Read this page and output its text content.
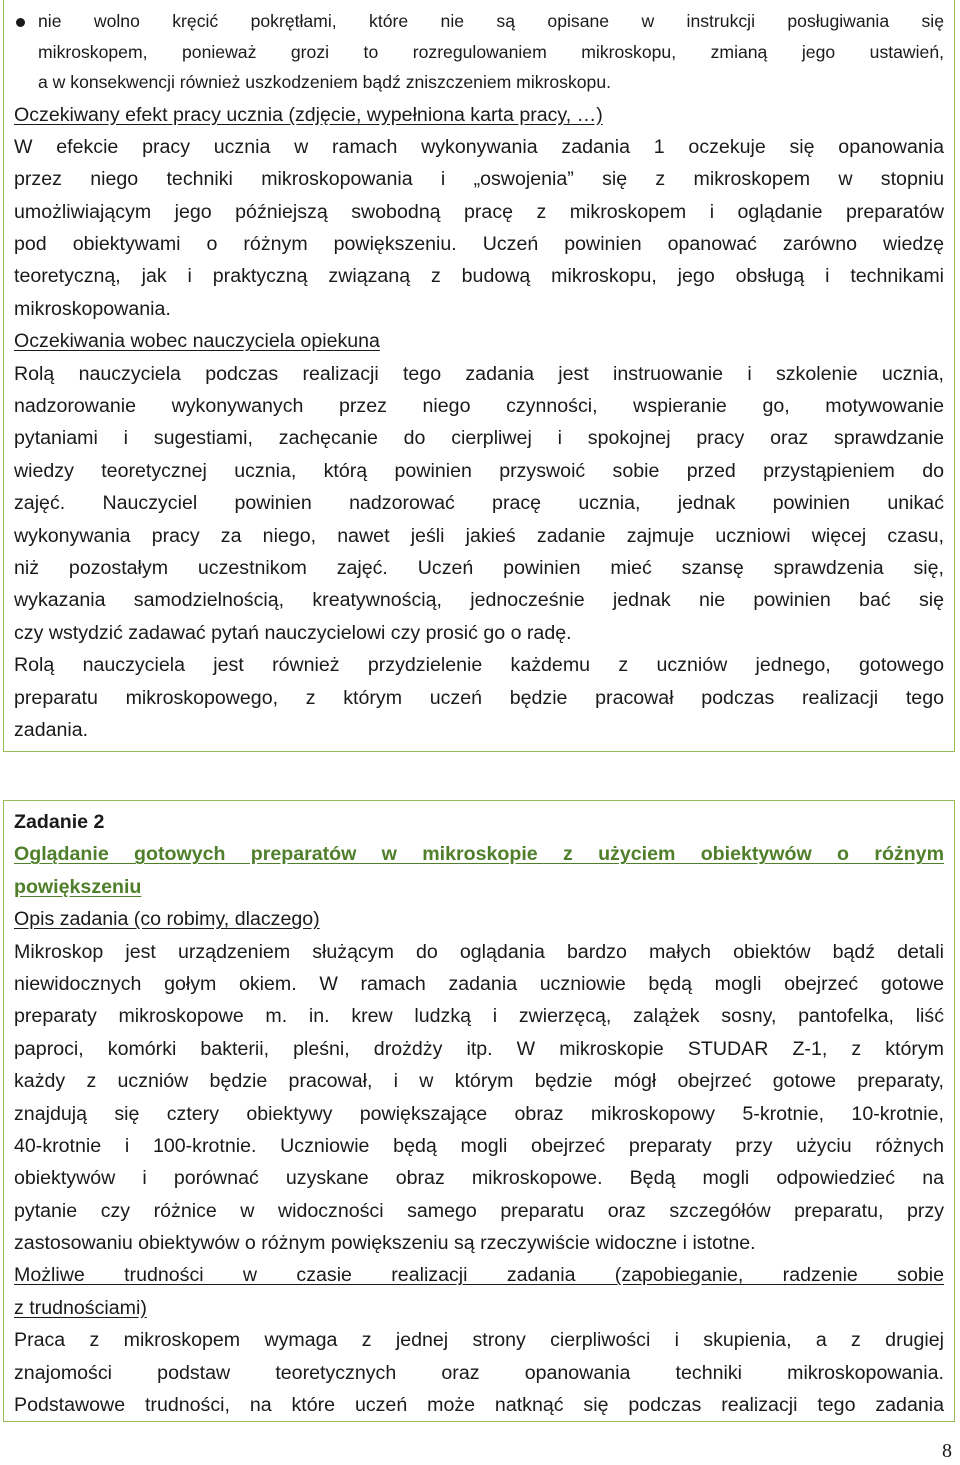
nie wolno kręcić pokrętłami, które nie są opisane w instrukcji posługiwania się
mikroskopem, ponieważ grozi to rozregulowaniem mikroskopu, zmianą jego ustawień,
a w konsekwencji również uszkodzeniem bądź zniszczeniem mikroskopu.
Oczekiwany efekt pracy ucznia (zdjęcie, wypełniona karta pracy, …)
W efekcie pracy ucznia w ramach wykonywania zadania 1 oczekuje się opanowania
przez niego techniki mikroskopowania i „oswojenia” się z mikroskopem w stopniu
umożliwiającym jego późniejszą swobodną pracę z mikroskopem i oglądanie preparatów
pod obiektywami o różnym powiększeniu. Uczeń powinien opanować zarówno wiedzę
teoretyczną, jak i praktyczną związaną z budową mikroskopu, jego obsługą i technikami
mikroskopowania.
Oczekiwania wobec nauczyciela opiekuna
Rolą nauczyciela podczas realizacji tego zadania jest instruowanie i szkolenie ucznia,
nadzorowanie wykonywanych przez niego czynności, wspieranie go, motywowanie
pytaniami i sugestiami, zachęcanie do cierpliwej i spokojnej pracy oraz sprawdzanie
wiedzy teoretycznej ucznia, którą powinien przyswoić sobie przed przystąpieniem do
zajęć. Nauczyciel powinien nadzorować pracę ucznia, jednak powinien unikać
wykonywania pracy za niego, nawet jeśli jakieś zadanie zajmuje uczniowi więcej czasu,
niż pozostałym uczestnikom zajęć. Uczeń powinien mieć szansę sprawdzenia się,
wykazania samodzielnością, kreatywnością, jednocześnie jednak nie powinien bać się
czy wstydzić zadawać pytań nauczycielowi czy prosić go o radę.
Rolą nauczyciela jest również przydzielenie każdemu z uczniów jednego, gotowego
preparatu mikroskopowego, z którym uczeń będzie pracował podczas realizacji tego
zadania.
Zadanie 2
Oglądanie gotowych preparatów w mikroskopie z użyciem obiektywów o różnym
powiększeniu
Opis zadania (co robimy, dlaczego)
Mikroskop jest urządzeniem służącym do oglądania bardzo małych obiektów bądź detali
niewidocznych gołym okiem. W ramach zadania uczniowie będą mogli obejrzeć gotowe
preparaty mikroskopowe m. in. krew ludzką i zwierzęcą, zalążek sosny, pantofelka, liść
paproci, komórki bakterii, pleśni, drożdży itp. W mikroskopie STUDAR Z-1, z którym
każdy z uczniów będzie pracował, i w którym będzie mógł obejrzeć gotowe preparaty,
znajdują się cztery obiektywy powiększające obraz mikroskopowy 5-krotnie, 10-krotnie,
40-krotnie i 100-krotnie. Uczniowie będą mogli obejrzeć preparaty przy użyciu różnych
obiektywów i porównać uzyskane obraz mikroskopowe. Będą mogli odpowiedzieć na
pytanie czy różnice w widoczności samego preparatu oraz szczegółów preparatu, przy
zastosowaniu obiektywów o różnym powiększeniu są rzeczywiście widoczne i istotne.
Możliwe trudności w czasie realizacji zadania (zapobieganie, radzenie sobie
z trudnościami)
Praca z mikroskopem wymaga z jednej strony cierpliwości i skupienia, a z drugiej
znajomości podstaw teoretycznych oraz opanowania techniki mikroskopowania.
Podstawowe trudności, na które uczeń może natknąć się podczas realizacji tego zadania
8
